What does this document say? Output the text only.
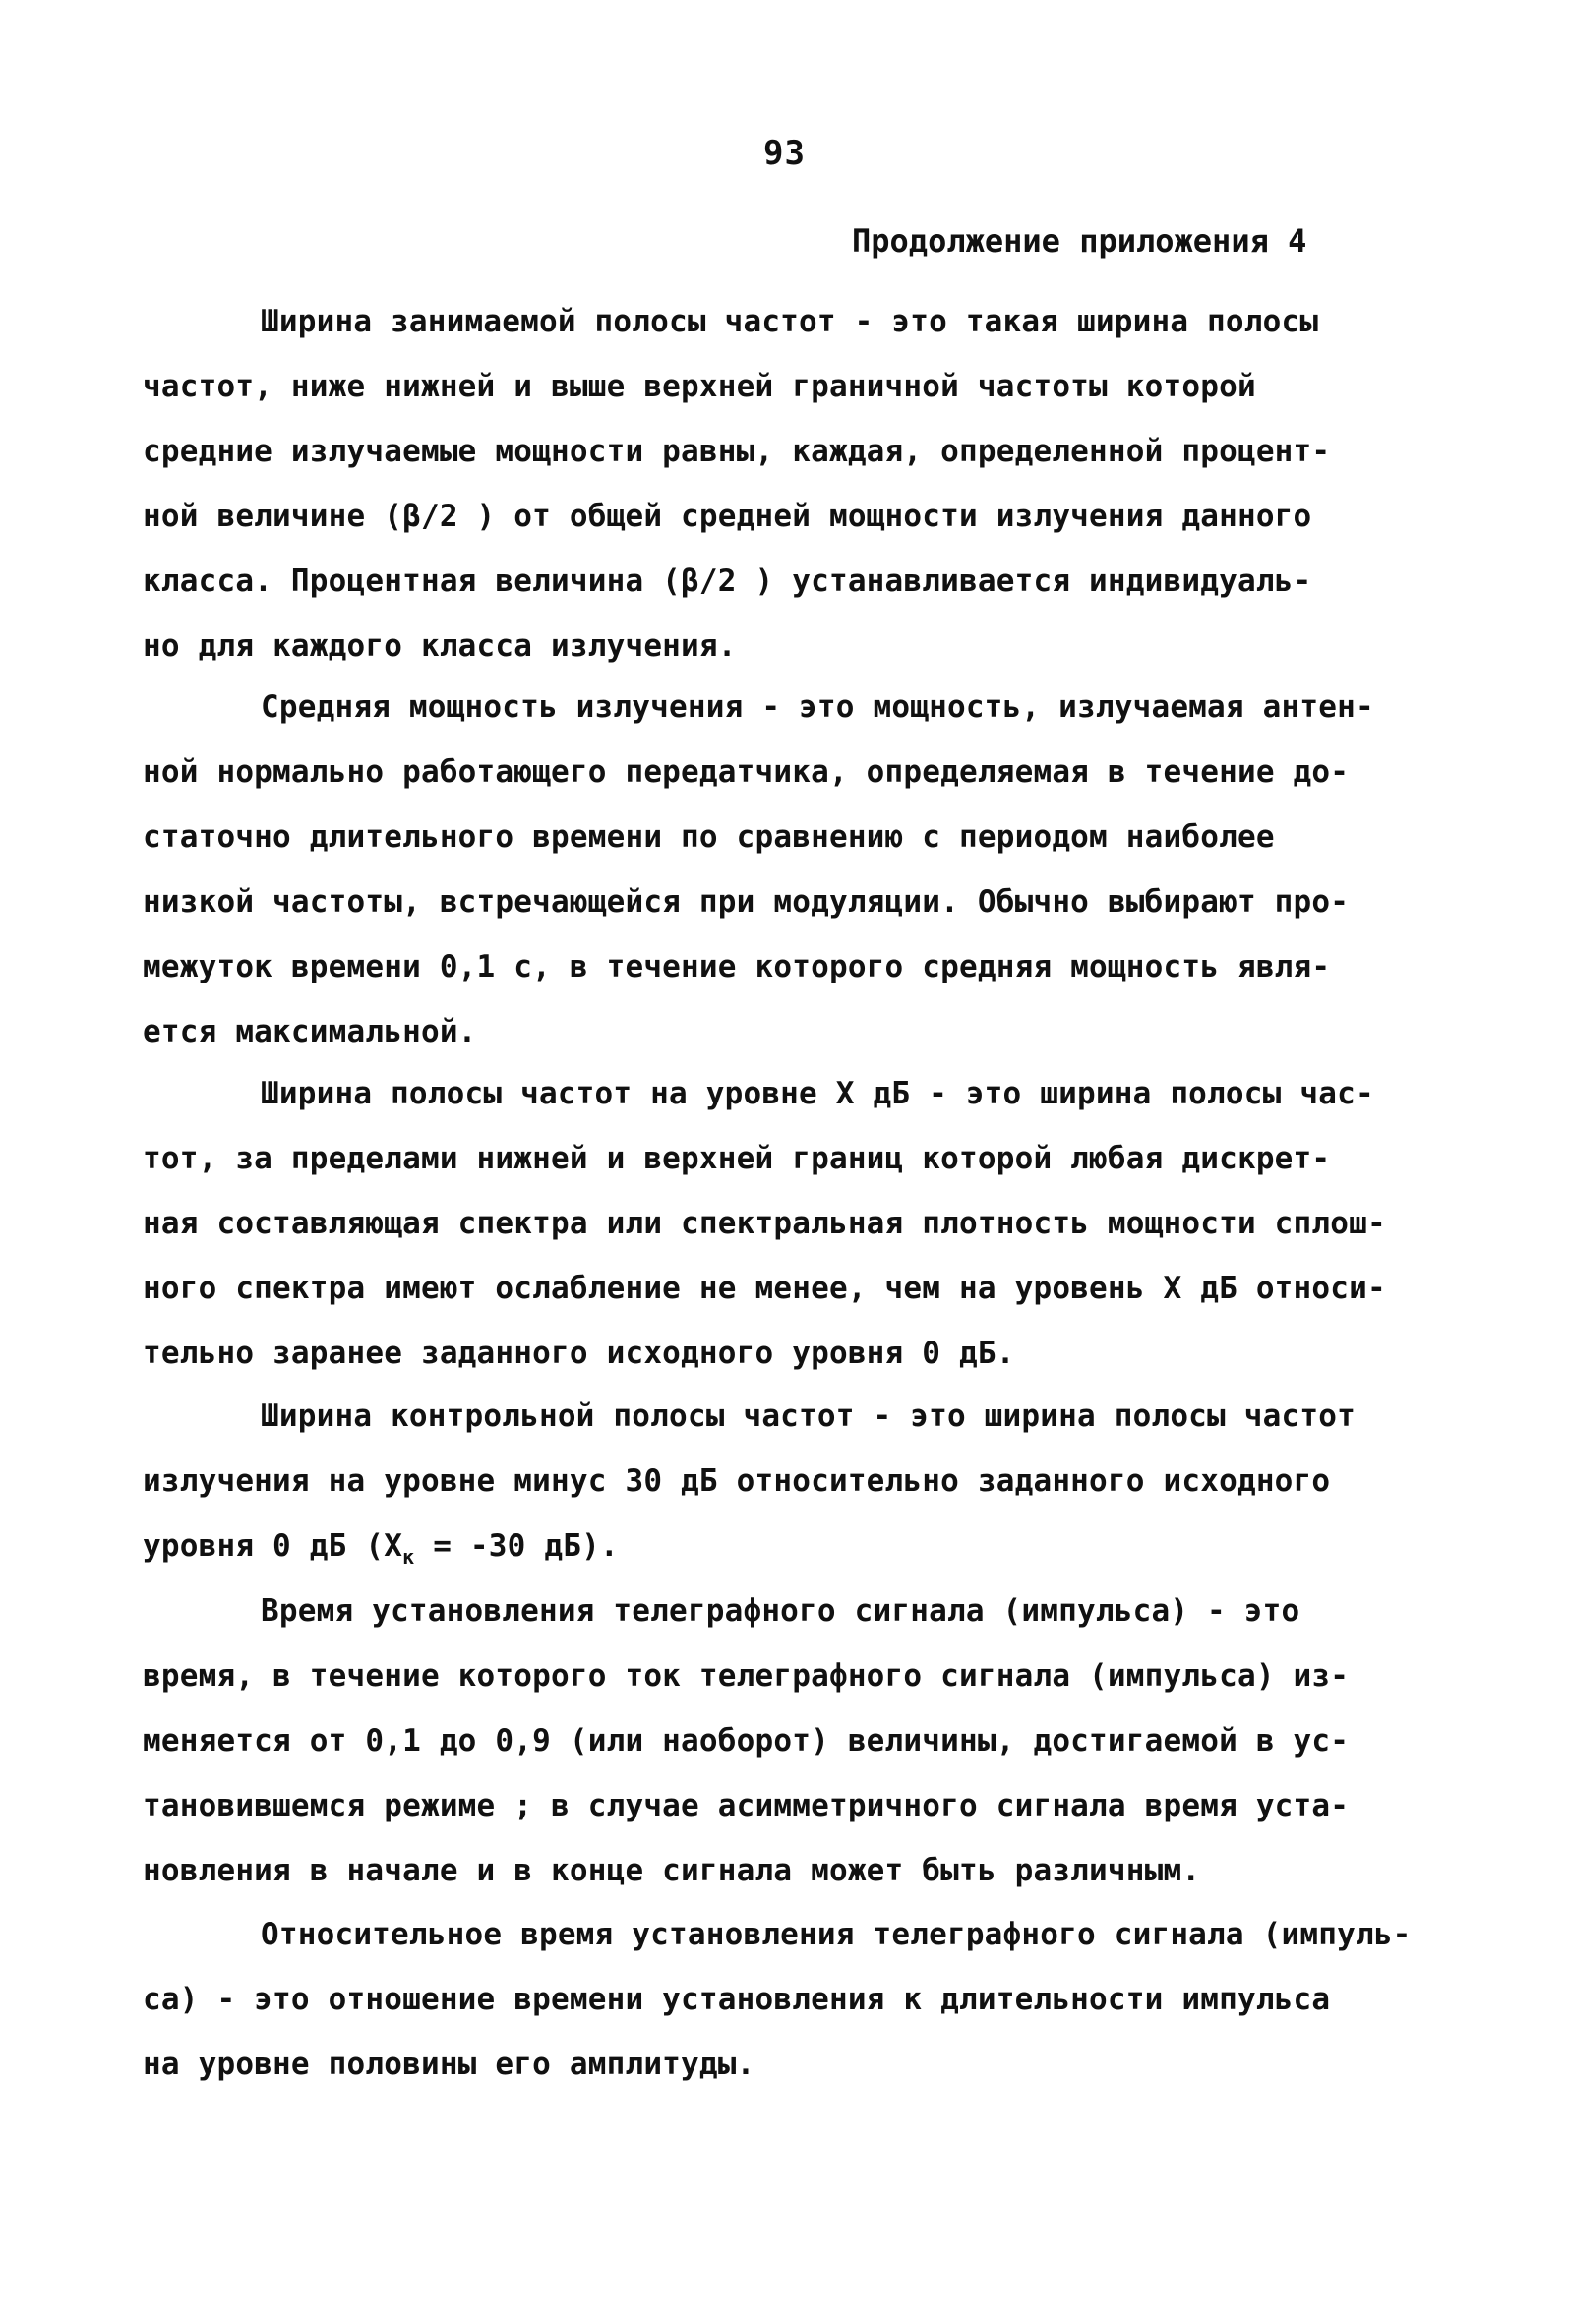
93
Продолжение приложения 4
Ширина занимаемой полосы частот - это такая ширина полосы
частот, ниже нижней и выше верхней граничной частоты которой
средние излучаемые мощности равны, каждая, определенной процент-
ной величине (β/2 ) от общей средней мощности излучения данного
класса. Процентная величина (β/2 ) устанавливается индивидуаль-
но для каждого класса излучения.
Средняя мощность излучения - это мощность, излучаемая антен-
ной нормально работающего передатчика, определяемая в течение до-
статочно длительного времени по сравнению с периодом наиболее
низкой частоты, встречающейся при модуляции. Обычно выбирают про-
межуток времени 0,1 с, в течение которого средняя мощность явля-
ется максимальной.
Ширина полосы частот на уровне X дБ - это ширина полосы час-
тот, за пределами нижней и верхней границ которой любая дискрет-
ная составляющая спектра или спектральная плотность мощности сплош-
ного спектра имеют ослабление не менее, чем на уровень X дБ относи-
тельно заранее заданного исходного уровня 0 дБ.
Ширина контрольной полосы частот - это ширина полосы частот
излучения на уровне минус 30 дБ относительно заданного исходного
уровня 0 дБ ($X_к = -30$ дБ).
Время установления телеграфного сигнала (импульса) - это
время, в течение которого ток телеграфного сигнала (импульса) из-
меняется от 0,1 до 0,9 (или наоборот) величины, достигаемой в ус-
тановившемся режиме ; в случае асимметричного сигнала время уста-
новления в начале и в конце сигнала может быть различным.
Относительное время установления телеграфного сигнала (импуль-
са) - это отношение времени установления к длительности импульса
на уровне половины его амплитуды.
